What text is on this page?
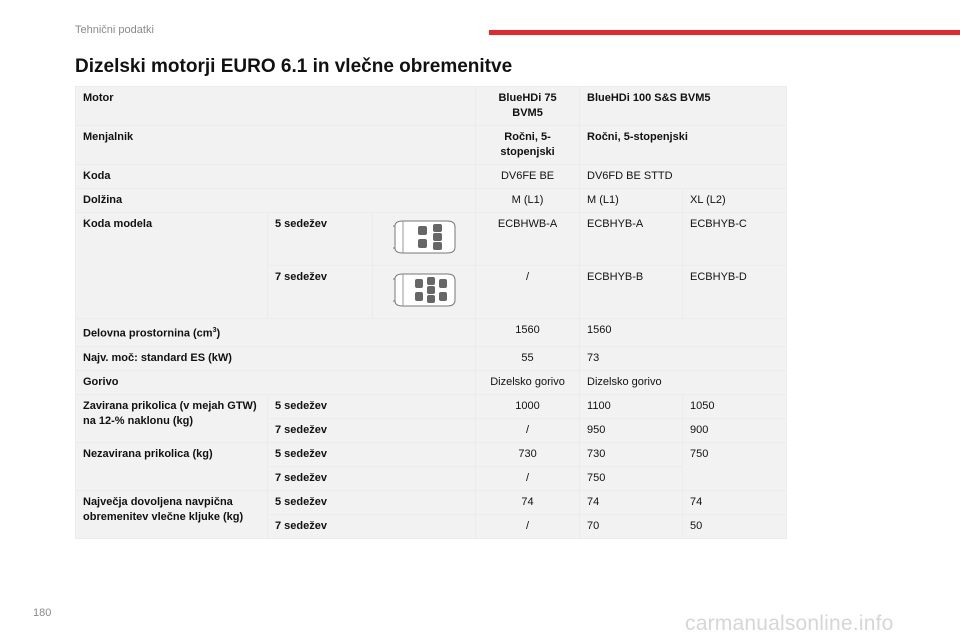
Tehnični podatki
Dizelski motorji EURO 6.1 in vlečne obremenitve
Motor			BlueHDi 75 BVM5	BlueHDi 100 S&S BVM5	
Menjalnik			Ročni, 5-stopenjski	Ročni, 5-stopenjski	
Koda			DV6FE BE	DV6FD BE STTD	
Dolžina			M (L1)	M (L1)	XL (L2)
Koda modela	5 sedežev		ECBHWB-A	ECBHYB-A	ECBHYB-C
	7 sedežev		/	ECBHYB-B	ECBHYB-D
Delovna prostornina $(cm^3)$			1560	1560	
Najv. moč: standard ES (kW)			55	73	
Gorivo			Dizelsko gorivo	Dizelsko gorivo	
Zavirana prikolica (v mejah GTW) na 12-% naklonu (kg)	5 sedežev		1000	1100	1050
	7 sedežev		/	950	900
Nezavirana prikolica (kg)	5 sedežev		730	730	750
	7 sedežev		/	750	
Največja dovoljena navpična obremenitev vlečne kljuke (kg)	5 sedežev		74	74	74
	7 sedežev		/	70	50
180	carmanualsonline.info
